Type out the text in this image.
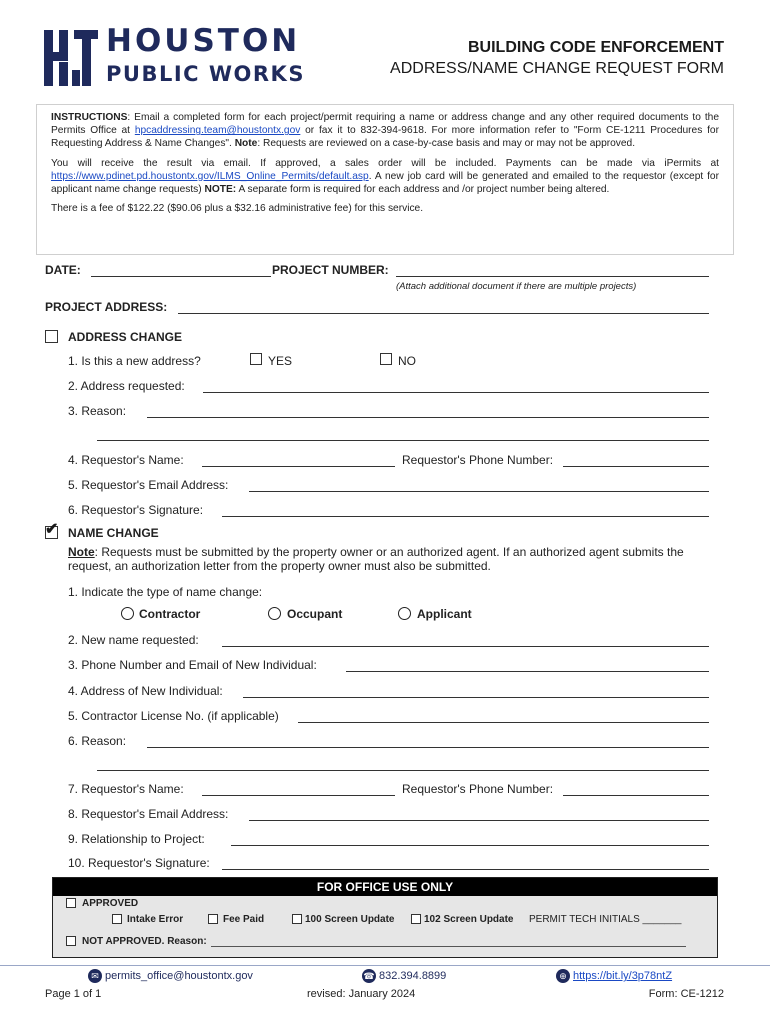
HOUSTON
PUBLIC WORKS
BUILDING CODE ENFORCEMENT
ADDRESS/NAME CHANGE REQUEST FORM

INSTRUCTIONS: Email a completed form for each project/permit requiring a name or address change and any other required documents to the Permits Office at hpcaddressing.team@houstontx.gov or fax it to 832-394-9618. For more information refer to "Form CE-1211 Procedures for Requesting Address & Name Changes". Note: Requests are reviewed on a case-by-case basis and may or may not be approved.

You will receive the result via email. If approved, a sales order will be included. Payments can be made via iPermits at https://www.pdinet.pd.houstontx.gov/ILMS_Online_Permits/default.asp. A new job card will be generated and emailed to the requestor (except for applicant name change requests) NOTE: A separate form is required for each address and /or project number being altered.

There is a fee of $122.22 ($90.06 plus a $32.16 administrative fee) for this service.

DATE:	PROJECT NUMBER:
(Attach additional document if there are multiple projects)
PROJECT ADDRESS:
ADDRESS CHANGE
1. Is this a new address?	YES	NO
2. Address requested:
3. Reason:
4. Requestor's Name:	Requestor's Phone Number:
5. Requestor's Email Address:
6. Requestor's Signature:
✔ NAME CHANGE
Note: Requests must be submitted by the property owner or an authorized agent. If an authorized agent submits the request, an authorization letter from the property owner must also be submitted.
1. Indicate the type of name change:
Contractor	Occupant	Applicant
2. New name requested:
3. Phone Number and Email of New Individual:
4. Address of New Individual:
5. Contractor License No. (if applicable)
6. Reason:
7. Requestor's Name:	Requestor's Phone Number:
8. Requestor's Email Address:
9. Relationship to Project:
10. Requestor's Signature:
FOR OFFICE USE ONLY
APPROVED
Intake Error	Fee Paid	100 Screen Update	102 Screen Update PERMIT TECH INITIALS _______
NOT APPROVED. Reason:
✉ permits_office@houstontx.gov	☎ 832.394.8899	⊕ https://bit.ly/3p78ntZ
Page 1 of 1	revised: January 2024	Form: CE-1212
